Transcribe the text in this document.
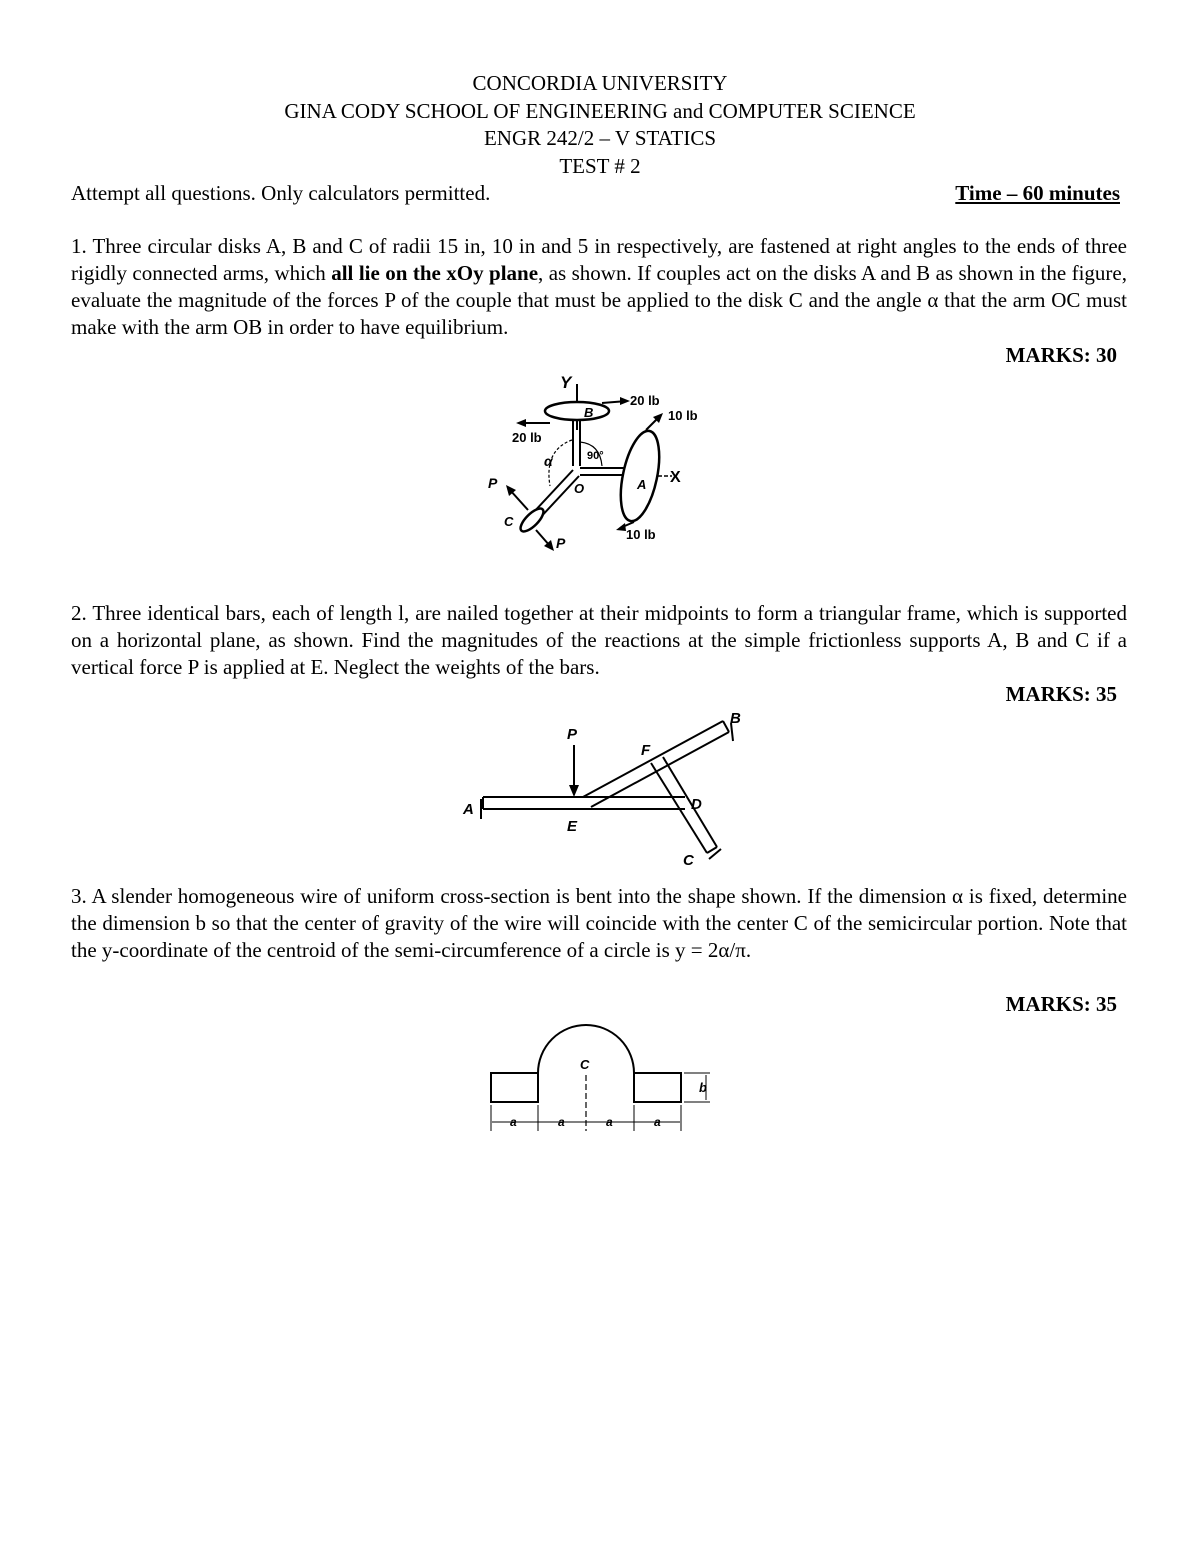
CONCORDIA UNIVERSITY
GINA CODY SCHOOL OF ENGINEERING and COMPUTER SCIENCE
ENGR 242/2 – V STATICS
TEST # 2
Attempt all questions. Only calculators permitted.	Time – 60 minutes
1. Three circular disks A, B and C of radii 15 in, 10 in and 5 in respectively, are fastened at right angles to the ends of three rigidly connected arms, which all lie on the xOy plane, as shown. If couples act on the disks A and B as shown in the figure, evaluate the magnitude of the forces P of the couple that must be applied to the disk C and the angle α that the arm OC must make with the arm OB in order to have equilibrium.
MARKS: 30
Y
B
20 lb
20 lb
90°
α
O
X
A
10 lb
10 lb
C
P
P
2. Three identical bars, each of length l, are nailed together at their midpoints to form a triangular frame, which is supported on a horizontal plane, as shown. Find the magnitudes of the reactions at the simple frictionless supports A, B and C if a vertical force P is applied at E. Neglect the weights of the bars.
MARKS: 35
A
B
C
D
F
P
E
3. A slender homogeneous wire of uniform cross-section is bent into the shape shown. If the dimension α is fixed, determine the dimension b so that the center of gravity of the wire will coincide with the center C of the semicircular portion. Note that the y-coordinate of the centroid of the semi-circumference of a circle is y = 2α/π.
MARKS: 35
C
b
a	a	a	a
